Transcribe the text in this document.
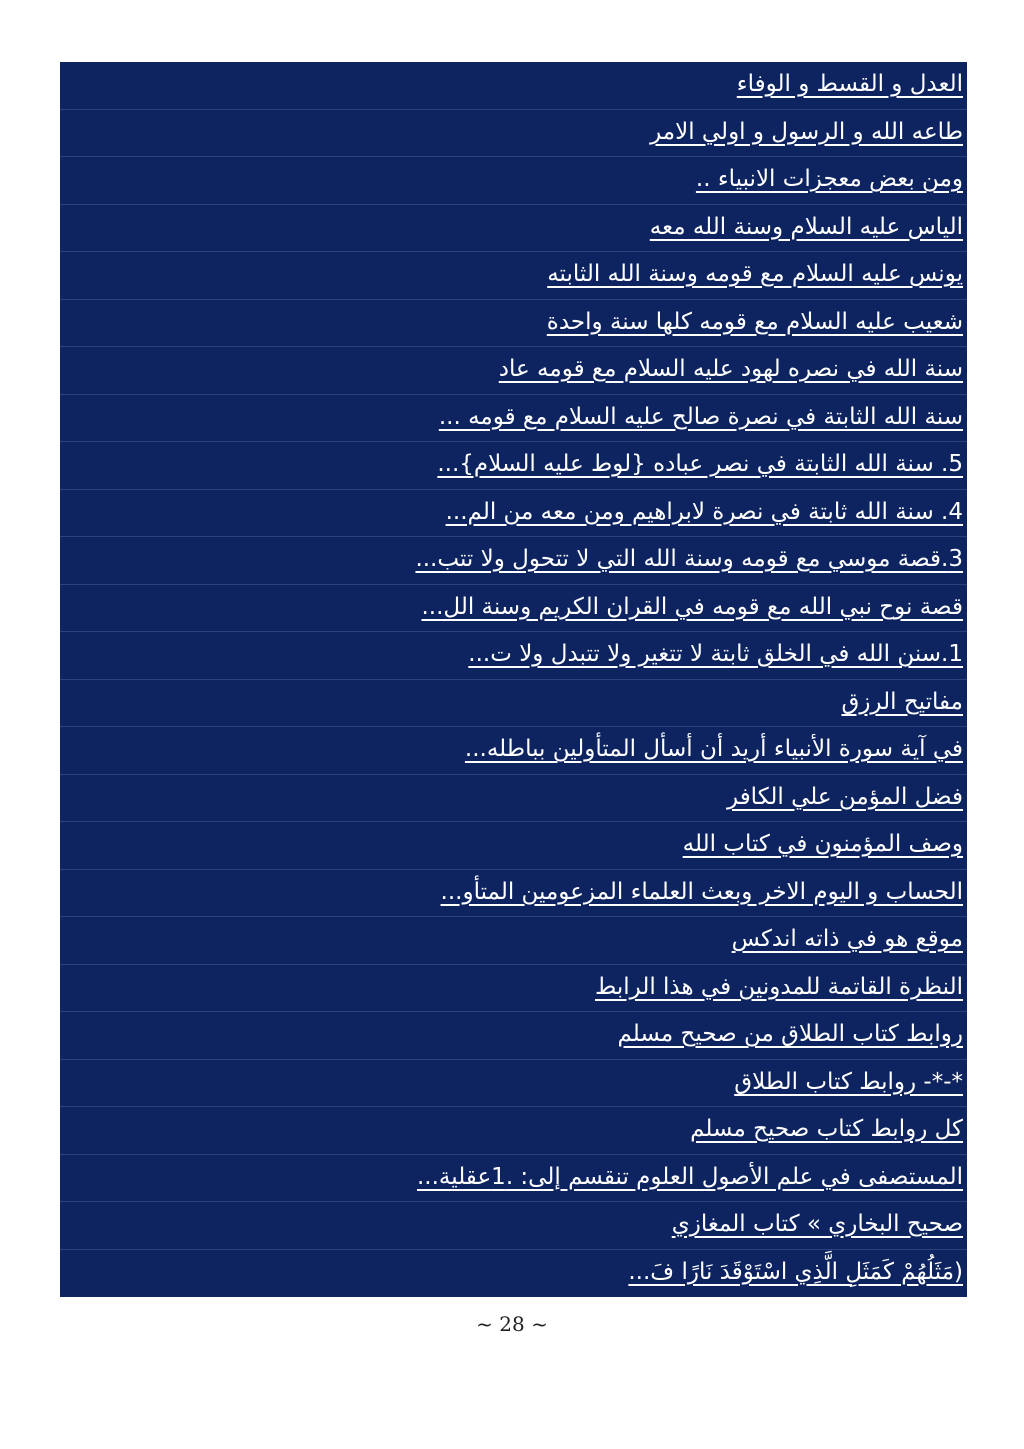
العدل و القسط و الوفاء
طاعه الله و الرسول و اولي الامر
ومن بعض معجزات الانبياء ..
الياس عليه السلام وسنة الله معه
يونس عليه السلام مع قومه وسنة الله الثابته
شعيب عليه السلام مع قومه كلها سنة واحدة
سنة الله في نصره لهود عليه السلام مع قومه عاد
سنة الله الثابتة في نصرة صالح عليه السلام مع قومه ...
5. سنة الله الثابتة في نصر عباده {لوط عليه السلام}...
4. سنة الله ثابتة في نصرة لابراهيم ومن معه من الم...
3.قصة موسي مع قومه وسنة الله التي لا تتحول ولا تتب...
قصة نوح نبي الله مع قومه في القران الكريم وسنة الل...
1.سنن الله في الخلق ثابتة لا تتغير ولا تتبدل ولا ت...
مفاتيح الرزق
في آية سورة الأنبياء أريد أن أسأل المتأولين بباطله...
فضل المؤمن علي الكافر
وصف المؤمنون في كتاب الله
الحساب و اليوم الاخر وبعث العلماء المزعومين المتأو...
موقع هو في ذاته اندكس
النظرة القاتمة للمدونين في هذا الرابط
روابط كتاب الطلاق من صحيح مسلم
*-*- روابط كتاب الطلاق
كل روابط كتاب صحيح مسلم
المستصفى في علم الأصول العلوم تنقسم إلى: .1عقلية...
صحيح البخاري » كتاب المغازي
(مَثَلُهُمْ كَمَثَلِ الَّذِي اسْتَوْقَدَ نَارًا فَ...
~ 28 ~
